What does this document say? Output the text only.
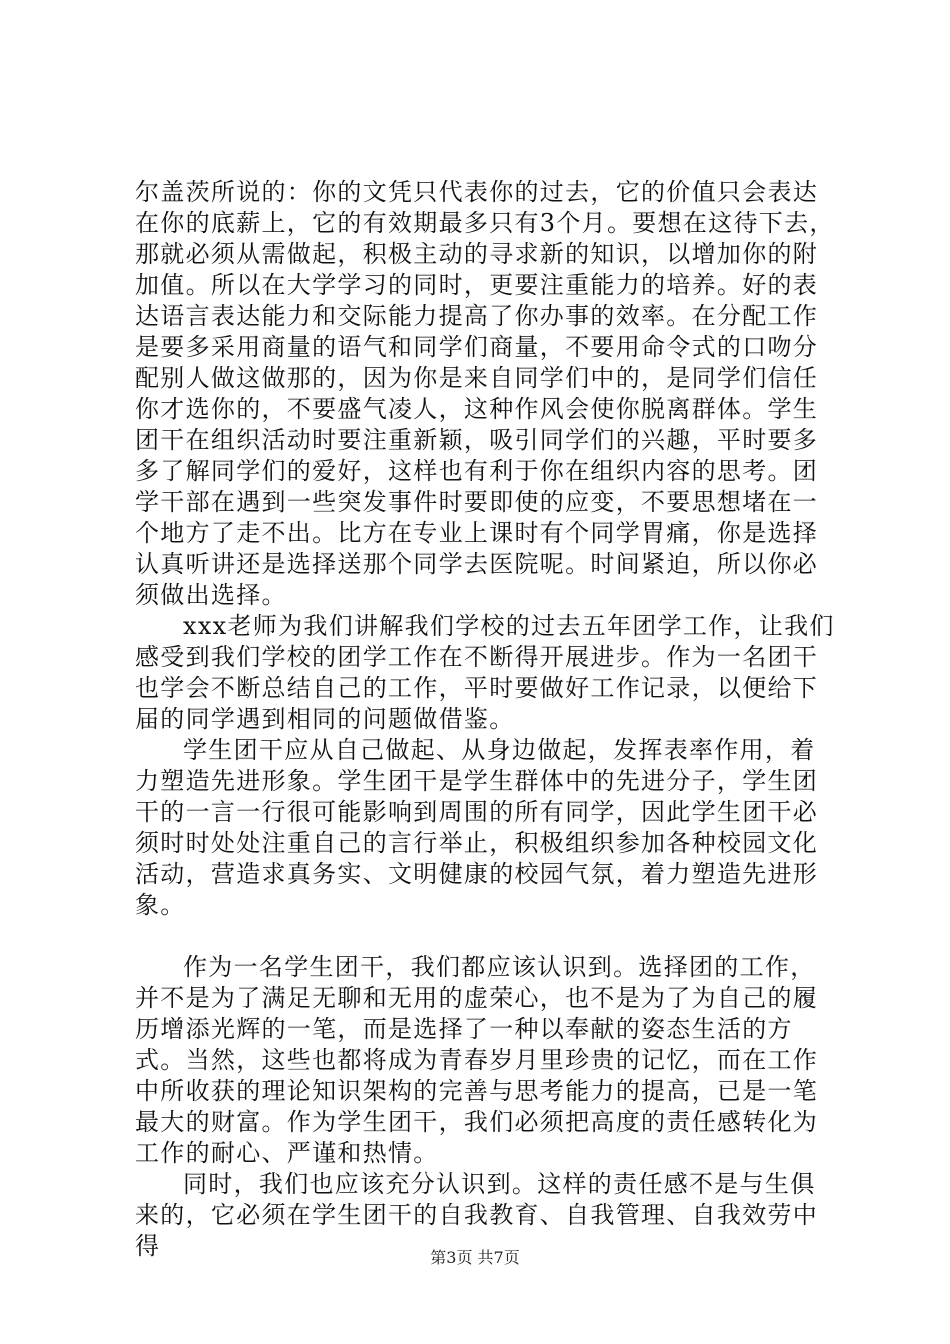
尔盖茨所说的：你的文凭只代表你的过去，它的价值只会表达在你的底薪上，它的有效期最多只有3个月。要想在这待下去，那就必须从需做起，积极主动的寻求新的知识，以增加你的附加值。所以在大学学习的同时，更要注重能力的培养。好的表达语言表达能力和交际能力提高了你办事的效率。在分配工作是要多采用商量的语气和同学们商量，不要用命令式的口吻分配别人做这做那的，因为你是来自同学们中的，是同学们信任你才选你的，不要盛气凌人，这种作风会使你脱离群体。学生团干在组织活动时要注重新颖，吸引同学们的兴趣，平时要多多了解同学们的爱好，这样也有利于你在组织内容的思考。团学干部在遇到一些突发事件时要即使的应变，不要思想堵在一个地方了走不出。比方在专业上课时有个同学胃痛，你是选择认真听讲还是选择送那个同学去医院呢。时间紧迫，所以你必须做出选择。

xxx老师为我们讲解我们学校的过去五年团学工作，让我们感受到我们学校的团学工作在不断得开展进步。作为一名团干也学会不断总结自己的工作，平时要做好工作记录，以便给下届的同学遇到相同的问题做借鉴。

学生团干应从自己做起、从身边做起，发挥表率作用，着力塑造先进形象。学生团干是学生群体中的先进分子，学生团干的一言一行很可能影响到周围的所有同学，因此学生团干必须时时处处注重自己的言行举止，积极组织参加各种校园文化活动，营造求真务实、文明健康的校园气氛，着力塑造先进形象。

作为一名学生团干，我们都应该认识到。选择团的工作，并不是为了满足无聊和无用的虚荣心，也不是为了为自己的履历增添光辉的一笔，而是选择了一种以奉献的姿态生活的方式。当然，这些也都将成为青春岁月里珍贵的记忆，而在工作中所收获的理论知识架构的完善与思考能力的提高，已是一笔最大的财富。作为学生团干，我们必须把高度的责任感转化为工作的耐心、严谨和热情。

同时，我们也应该充分认识到。这样的责任感不是与生俱来的，它必须在学生团干的自我教育、自我管理、自我效劳中得	第3页 共7页
